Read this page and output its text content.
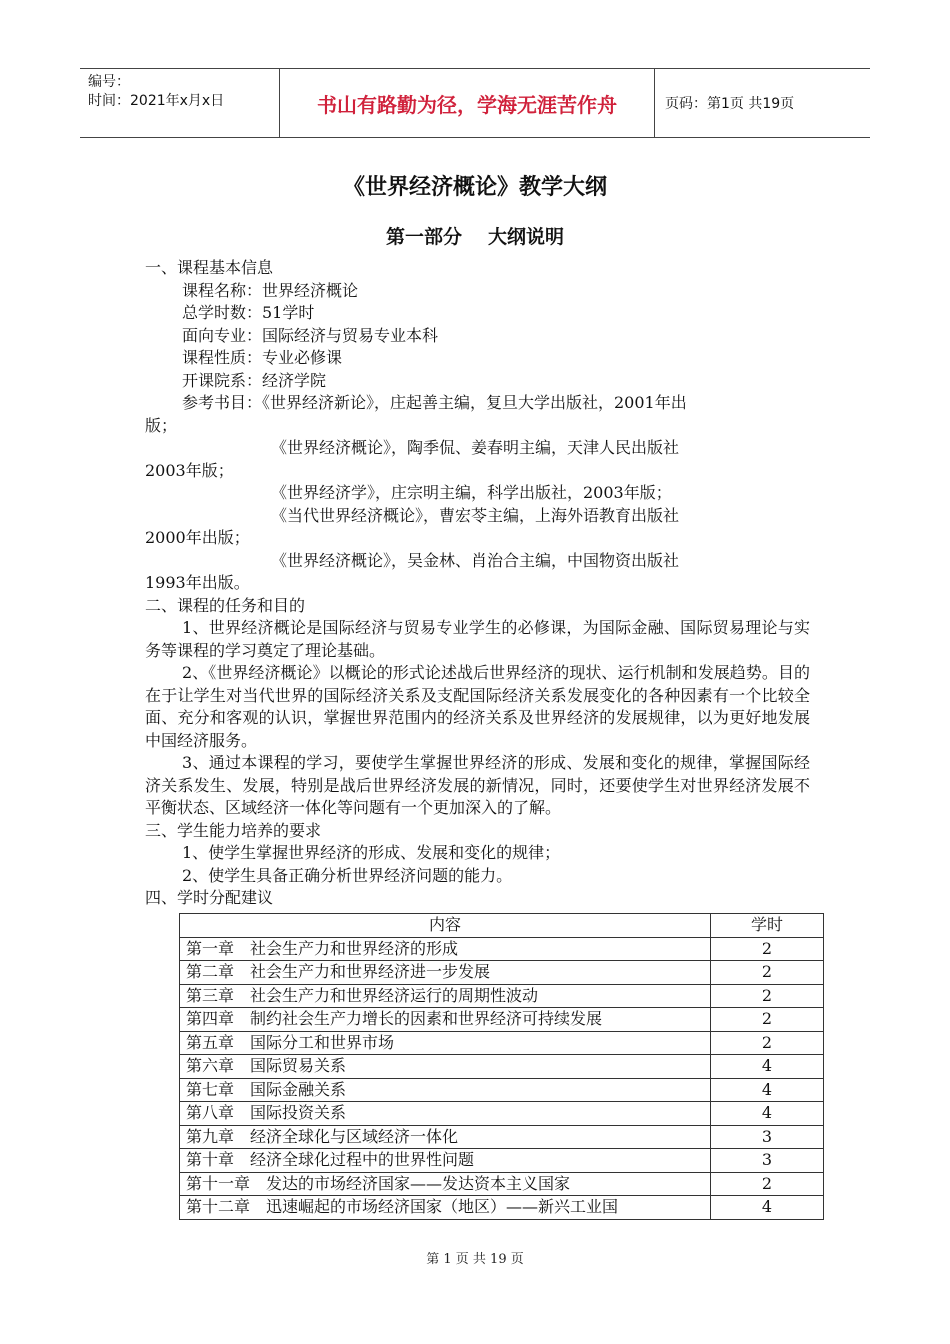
编号：
时间：2021年x月x日	书山有路勤为径，学海无涯苦作舟	页码：第1页 共19页
《世界经济概论》教学大纲
第一部分 大纲说明

一、课程基本信息

课程名称：世界经济概论

总学时数：51学时

面向专业：国际经济与贸易专业本科

课程性质：专业必修课

开课院系：经济学院

参考书目：《世界经济新论》，庄起善主编，复旦大学出版社，2001年出

版；

《世界经济概论》，陶季侃、姜春明主编，天津人民出版社

2003年版；

《世界经济学》，庄宗明主编，科学出版社，2003年版；

《当代世界经济概论》，曹宏苓主编，上海外语教育出版社

2000年出版；

《世界经济概论》，吴金林、肖治合主编，中国物资出版社

1993年出版。

二、课程的任务和目的

1、世界经济概论是国际经济与贸易专业学生的必修课，为国际金融、国际贸易理论与实务等课程的学习奠定了理论基础。

2、《世界经济概论》以概论的形式论述战后世界经济的现状、运行机制和发展趋势。目的在于让学生对当代世界的国际经济关系及支配国际经济关系发展变化的各种因素有一个比较全面、充分和客观的认识，掌握世界范围内的经济关系及世界经济的发展规律，以为更好地发展中国经济服务。

3、通过本课程的学习，要使学生掌握世界经济的形成、发展和变化的规律，掌握国际经济关系发生、发展，特别是战后世界经济发展的新情况，同时，还要使学生对世界经济发展不平衡状态、区域经济一体化等问题有一个更加深入的了解。

三、学生能力培养的要求

1、使学生掌握世界经济的形成、发展和变化的规律；

2、使学生具备正确分析世界经济问题的能力。

四、学时分配建议

内容	学时
第一章　社会生产力和世界经济的形成	2
第二章　社会生产力和世界经济进一步发展	2
第三章　社会生产力和世界经济运行的周期性波动	2
第四章　制约社会生产力增长的因素和世界经济可持续发展	2
第五章　国际分工和世界市场	2
第六章　国际贸易关系	4
第七章　国际金融关系	4
第八章　国际投资关系	4
第九章　经济全球化与区域经济一体化	3
第十章　经济全球化过程中的世界性问题	3
第十一章　发达的市场经济国家——发达资本主义国家	2
第十二章　迅速崛起的市场经济国家（地区）——新兴工业国	4
第 1 页 共 19 页
